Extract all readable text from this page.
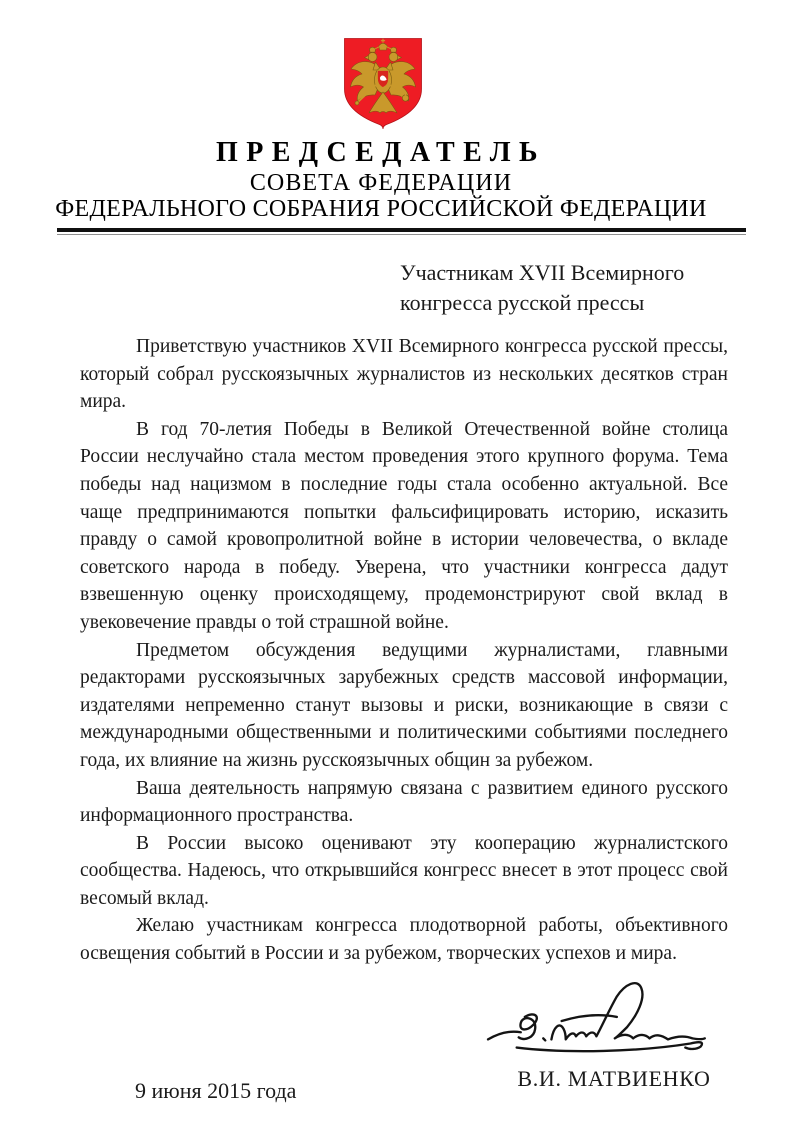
ПРЕДСЕДАТЕЛЬ
СОВЕТА ФЕДЕРАЦИИ
ФЕДЕРАЛЬНОГО СОБРАНИЯ РОССИЙСКОЙ ФЕДЕРАЦИИ
Участникам XVII Всемирного
конгресса русской прессы

Приветствую участников XVII Всемирного конгресса русской прессы, который собрал русскоязычных журналистов из нескольких десятков стран мира.

В год 70-летия Победы в Великой Отечественной войне столица России неслучайно стала местом проведения этого крупного форума. Тема победы над нацизмом в последние годы стала особенно актуальной. Все чаще предпринимаются попытки фальсифицировать историю, исказить правду о самой кровопролитной войне в истории человечества, о вкладе советского народа в победу. Уверена, что участники конгресса дадут взвешенную оценку происходящему, продемонстрируют свой вклад в увековечение правды о той страшной войне.

Предметом обсуждения ведущими журналистами, главными редакторами русскоязычных зарубежных средств массовой информации, издателями непременно станут вызовы и риски, возникающие в связи с международными общественными и политическими событиями последнего года, их влияние на жизнь русскоязычных общин за рубежом.

Ваша деятельность напрямую связана с развитием единого русского информационного пространства.

В России высоко оценивают эту кооперацию журналистского сообщества. Надеюсь, что открывшийся конгресс внесет в этот процесс свой весомый вклад.

Желаю участникам конгресса плодотворной работы, объективного освещения событий в России и за рубежом, творческих успехов и мира.

В.И. МАТВИЕНКО
9 июня 2015 года
